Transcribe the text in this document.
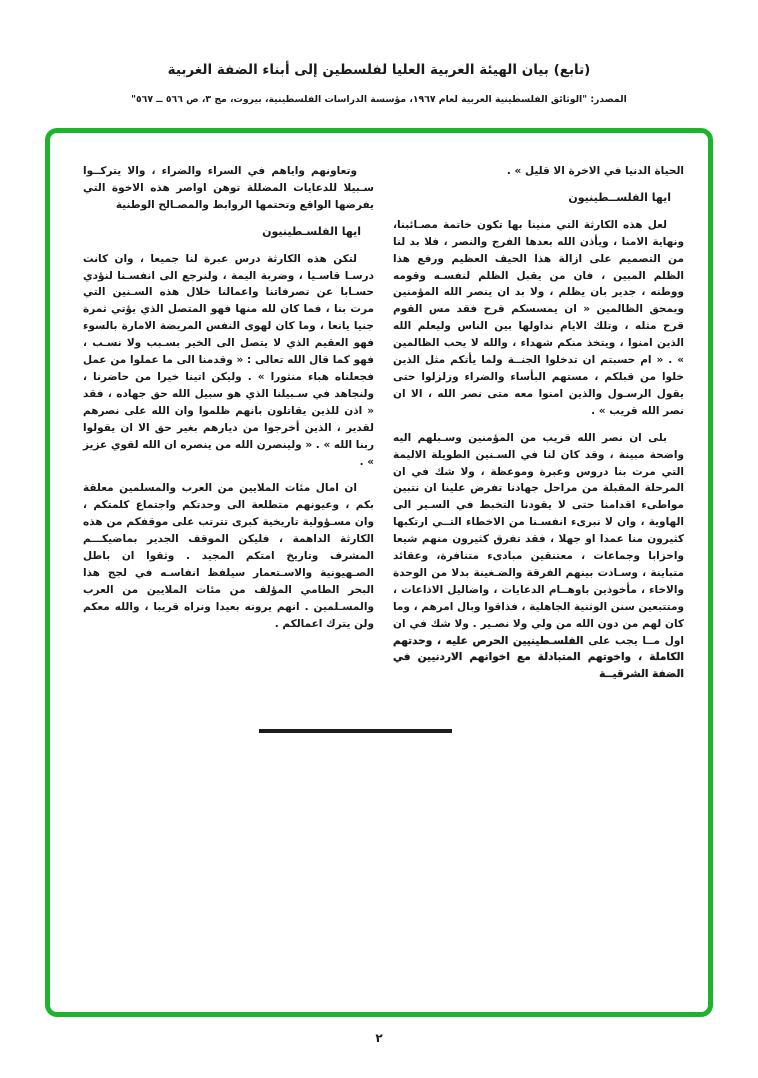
(تابع) بيان الهيئة العربية العليا لفلسطين إلى أبناء الضفة الغربية
المصدر: "الوثائق الفلسطينية العربية لعام ١٩٦٧، مؤسسة الدراسات الفلسطينية، بيروت، مج ٣، ص ٥٦٦ ــ ٥٦٧"

الحياة الدنيا في الاخرة الا قليل » .

ايها الفلســطينيون

لعل هذه الكارثة التي منينا بها تكون خاتمة مصـائبنا، ونهاية الامنا ، ويأذن الله بعدها الفرج والنصر ، فلا بد لنا من التصميم على ازالة هذا الحيف العظيم ورفع هذا الظلم المبين ، فان من يقبل الظلم لنفسـه وقومه ووطنه ، جدير بان يظلم ، ولا بد ان ينصر الله المؤمنين ويمحق الظالمين « ان يمسسكم قرح فقد مس القوم قرح مثله ، وتلك الايام نداولها بين الناس وليعلم الله الذين امنوا ، ويتخذ منكم شهداء ، والله لا يحب الظالمين » . « ام حسبتم ان تدخلوا الجنــة ولما يأتكم مثل الذين خلوا من قبلكم ، مستهم البأساء والضراء وزلزلوا حتى يقول الرسـول والذين امنوا معه متى نصر الله ، الا ان نصر الله قريب » .

بلى ان نصر الله قريب من المؤمنين وسـبلهم اليه واضحة مبينة ، وقد كان لنا في السـنين الطويلة الاليمة التي مرت بنا دروس وعبرة وموعظة ، ولا شك في ان المرحلة المقبلة من مراحل جهادنا تفرض علينا ان نتبين مواطىء اقدامنا حتى لا يقودنا التخبط في السـير الى الهاوية ، وان لا نبرىء انفسـنا من الاخطاء التــي ارتكبها كثيرون منا عمدا او جهلا ، فقد تفرق كثيرون منهم شيعا واحزابا وجماعات ، معتنقين مبادىء متنافرة، وعقائد متباينة ، وسـادت بينهم الفرقة والضـغينة بدلا من الوحدة والاخاء ، مأخوذين باوهــام الدعايات ، واضاليل الاذاعات ، ومتتبعين سنن الوثنية الجاهلية ، فذاقوا وبال امرهم ، وما كان لهم من دون الله من ولي ولا نصـير . ولا شك في ان اول مــا يجب على الفلسـطينيين الحرص عليه ، وحدتهم الكاملة ، واخوتهم المتبادلة مع اخوانهم الاردنيين في الضفة الشرقيــة

وتعاونهم واياهم في السراء والضراء ، والا يتركــوا سـبيلا للدعايات المضللة توهن اواصر هذه الاخوة التي يفرضها الواقع وتحتمها الروابط والمصـالح الوطنية

ايها الفلسـطينيون

لتكن هذه الكارثة درس عبرة لنا جميعا ، وان كانت درسـا قاسـيا ، وضربة اليمة ، ولنرجع الى انفسـنا لنؤدي حسـابا عن تصرفاتنا واعمالنا خلال هذه السـنين التي مرت بنا ، فما كان لله منها فهو المتصل الذي يؤتي ثمرة جنيا يانعا ، وما كان لهوى النفس المريضة الامارة بالسوء فهو العقيم الذي لا يتصل الى الخير بسـبب ولا نسـب ، فهو كما قال الله تعالى : « وقدمنا الى ما عملوا من عمل فجعلناه هباء منثورا » . وليكن اتينا خيرا من حاضرنا ، ولنجاهد في سـبيلنا الذي هو سبيل الله حق جهاده ، فقد « اذن للذين يقاتلون بانهم ظلموا وان الله على نصرهم لقدير ، الذين أخرجوا من ديارهم بغير حق الا ان يقولوا ربنا الله » . « ولينصرن الله من ينصره ان الله لقوي عزيز » .

ان امال مئات الملايين من العرب والمسلمين معلقة بكم ، وعيونهم متطلعة الى وحدتكم واجتماع كلمتكم ، وان مسـؤولية تاريخية كبرى تترتب على موقفكم من هذه الكارثة الداهمة ، فليكن الموقف الجدير بماضيكـــم المشرف وتاريخ امتكم المجيد . وثقوا ان باطل الصـهيونية والاسـتعمار سيلفظ انفاسـه في لجج هذا البحر الطامي المؤلف من مئات الملايين من العرب والمسـلمين . انهم يرونه بعيدا ونراه قريبا ، والله معكم ولن يترك اعمالكم .

٢
